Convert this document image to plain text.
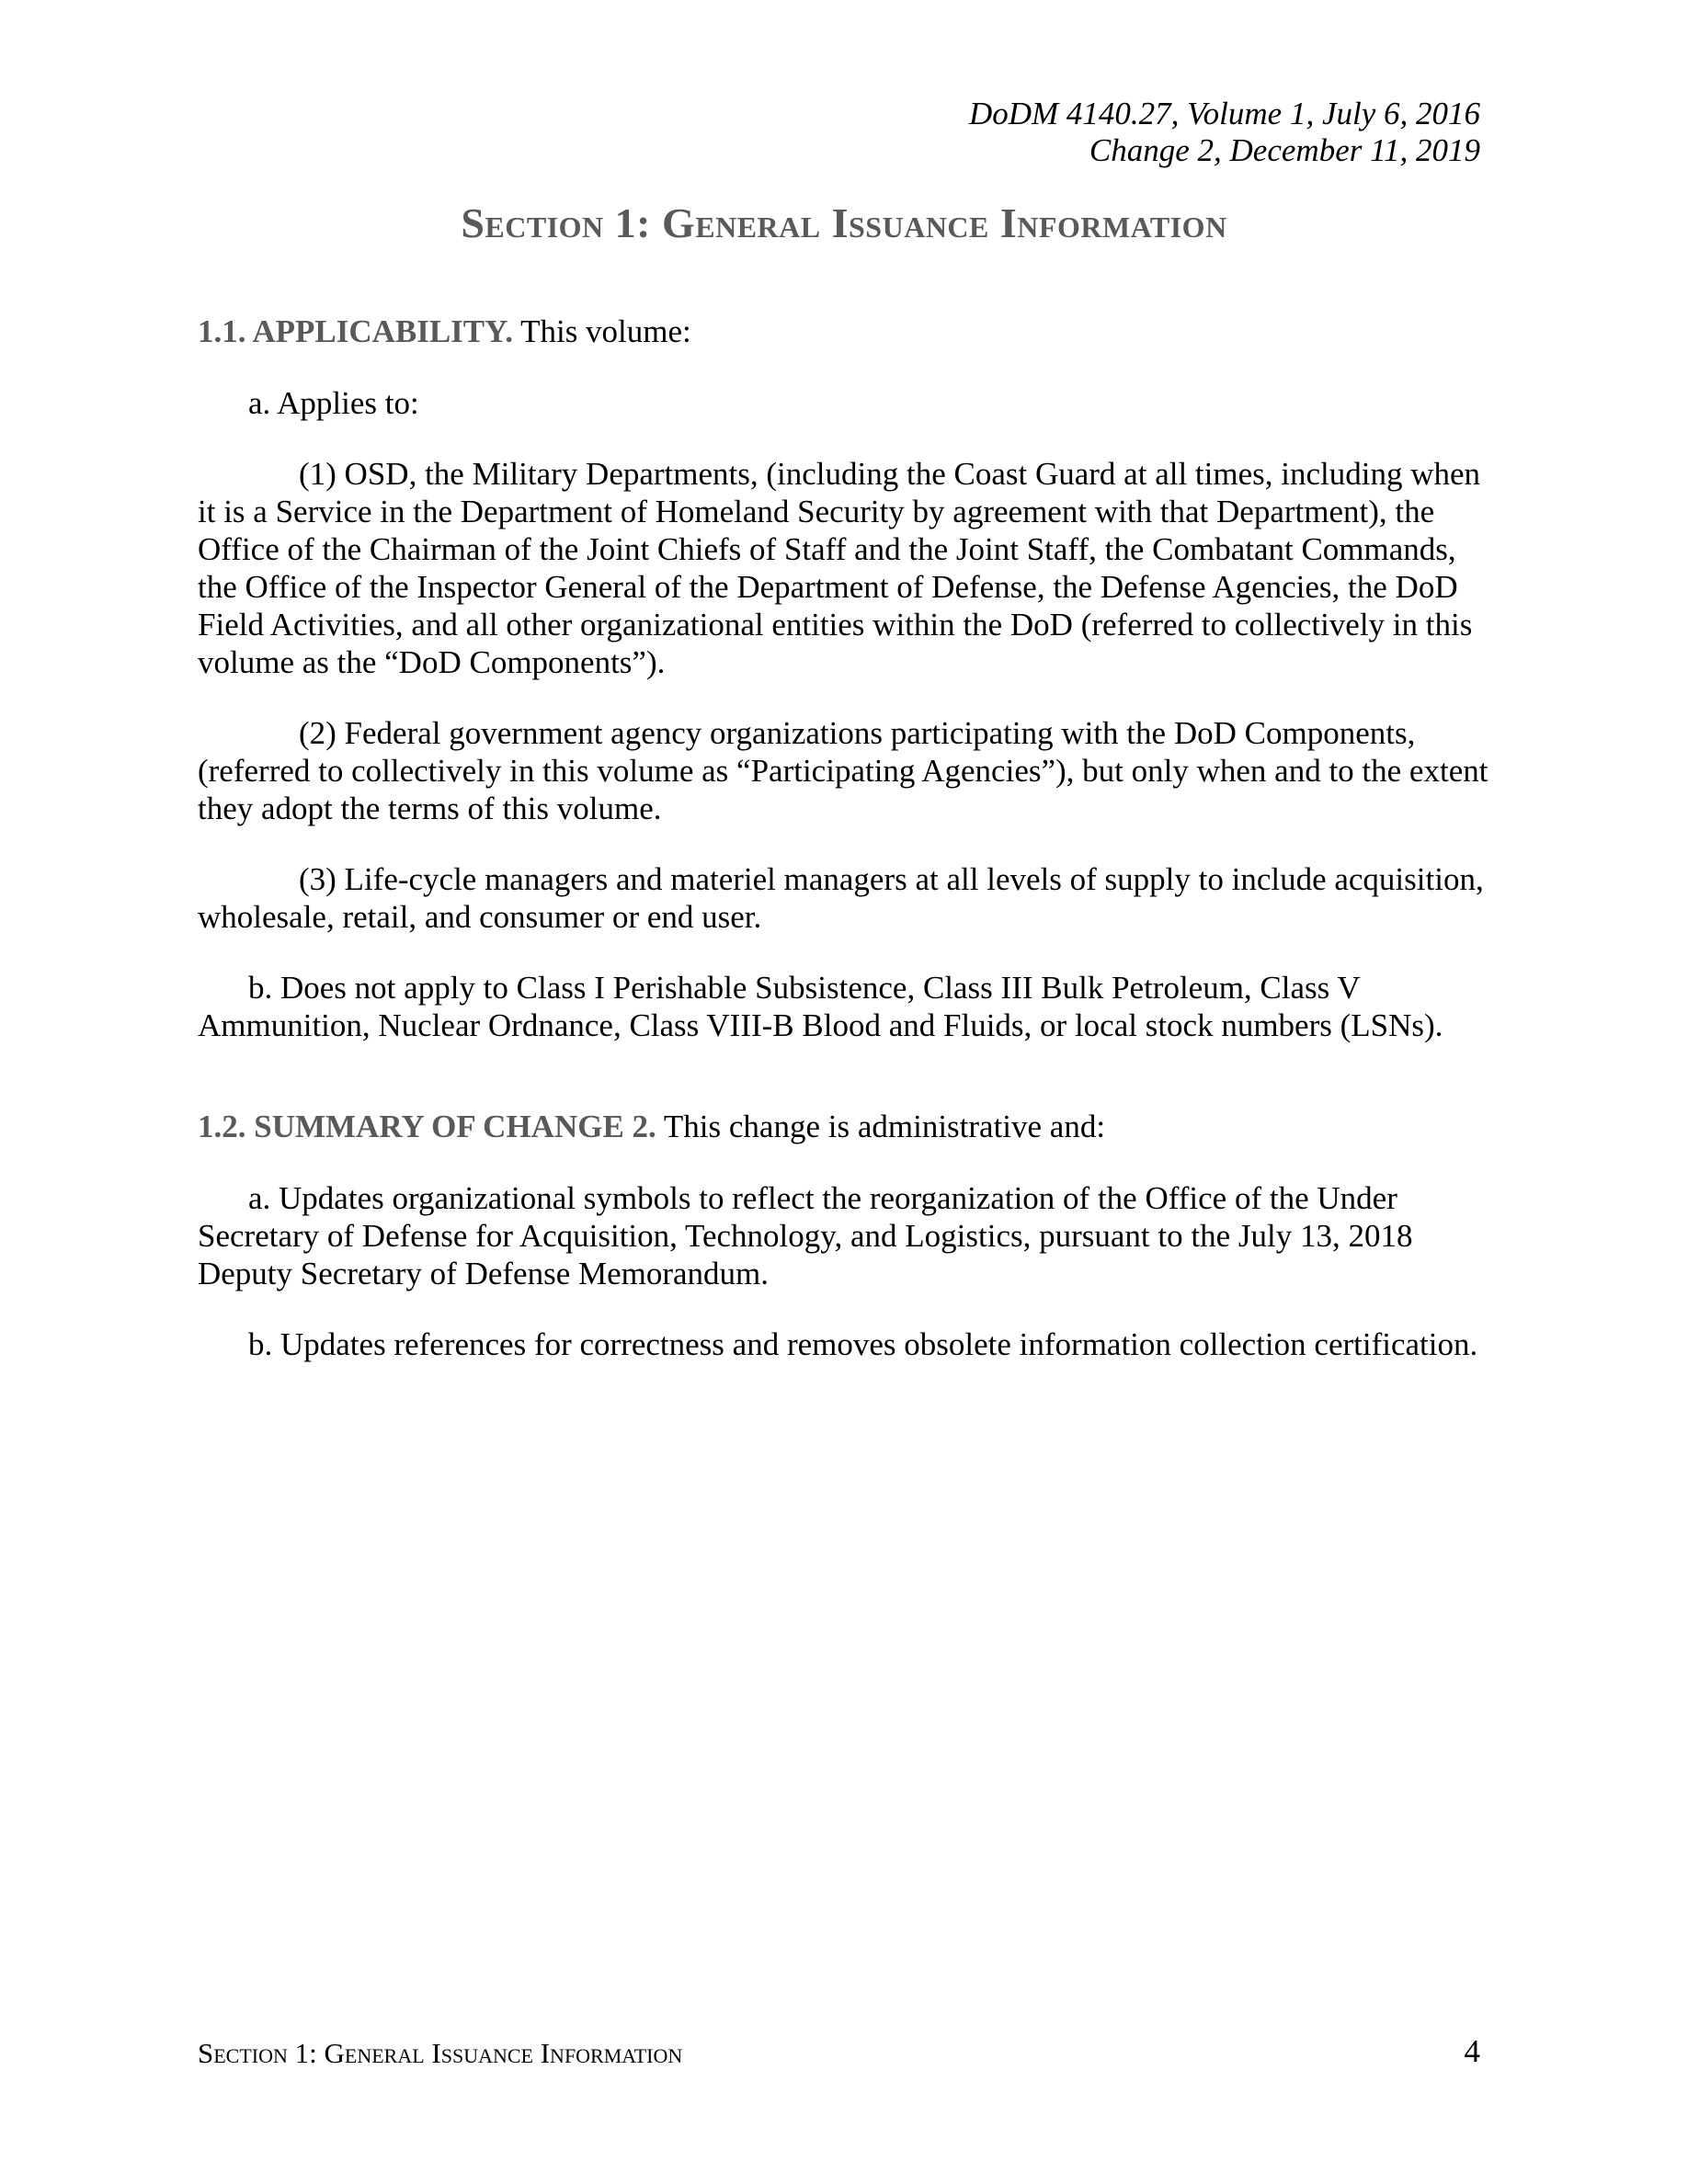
DoDM 4140.27, Volume 1, July 6, 2016
Change 2, December 11, 2019
Section 1: General Issuance Information

1.1. APPLICABILITY. This volume:

a. Applies to:

(1) OSD, the Military Departments, (including the Coast Guard at all times, including when it is a Service in the Department of Homeland Security by agreement with that Department), the Office of the Chairman of the Joint Chiefs of Staff and the Joint Staff, the Combatant Commands, the Office of the Inspector General of the Department of Defense, the Defense Agencies, the DoD Field Activities, and all other organizational entities within the DoD (referred to collectively in this volume as the “DoD Components”).

(2) Federal government agency organizations participating with the DoD Components, (referred to collectively in this volume as “Participating Agencies”), but only when and to the extent they adopt the terms of this volume.

(3) Life-cycle managers and materiel managers at all levels of supply to include acquisition, wholesale, retail, and consumer or end user.

b. Does not apply to Class I Perishable Subsistence, Class III Bulk Petroleum, Class V Ammunition, Nuclear Ordnance, Class VIII-B Blood and Fluids, or local stock numbers (LSNs).

1.2. SUMMARY OF CHANGE 2. This change is administrative and:

a. Updates organizational symbols to reflect the reorganization of the Office of the Under Secretary of Defense for Acquisition, Technology, and Logistics, pursuant to the July 13, 2018 Deputy Secretary of Defense Memorandum.

b. Updates references for correctness and removes obsolete information collection certification.

Section 1: General Issuance Information	4
